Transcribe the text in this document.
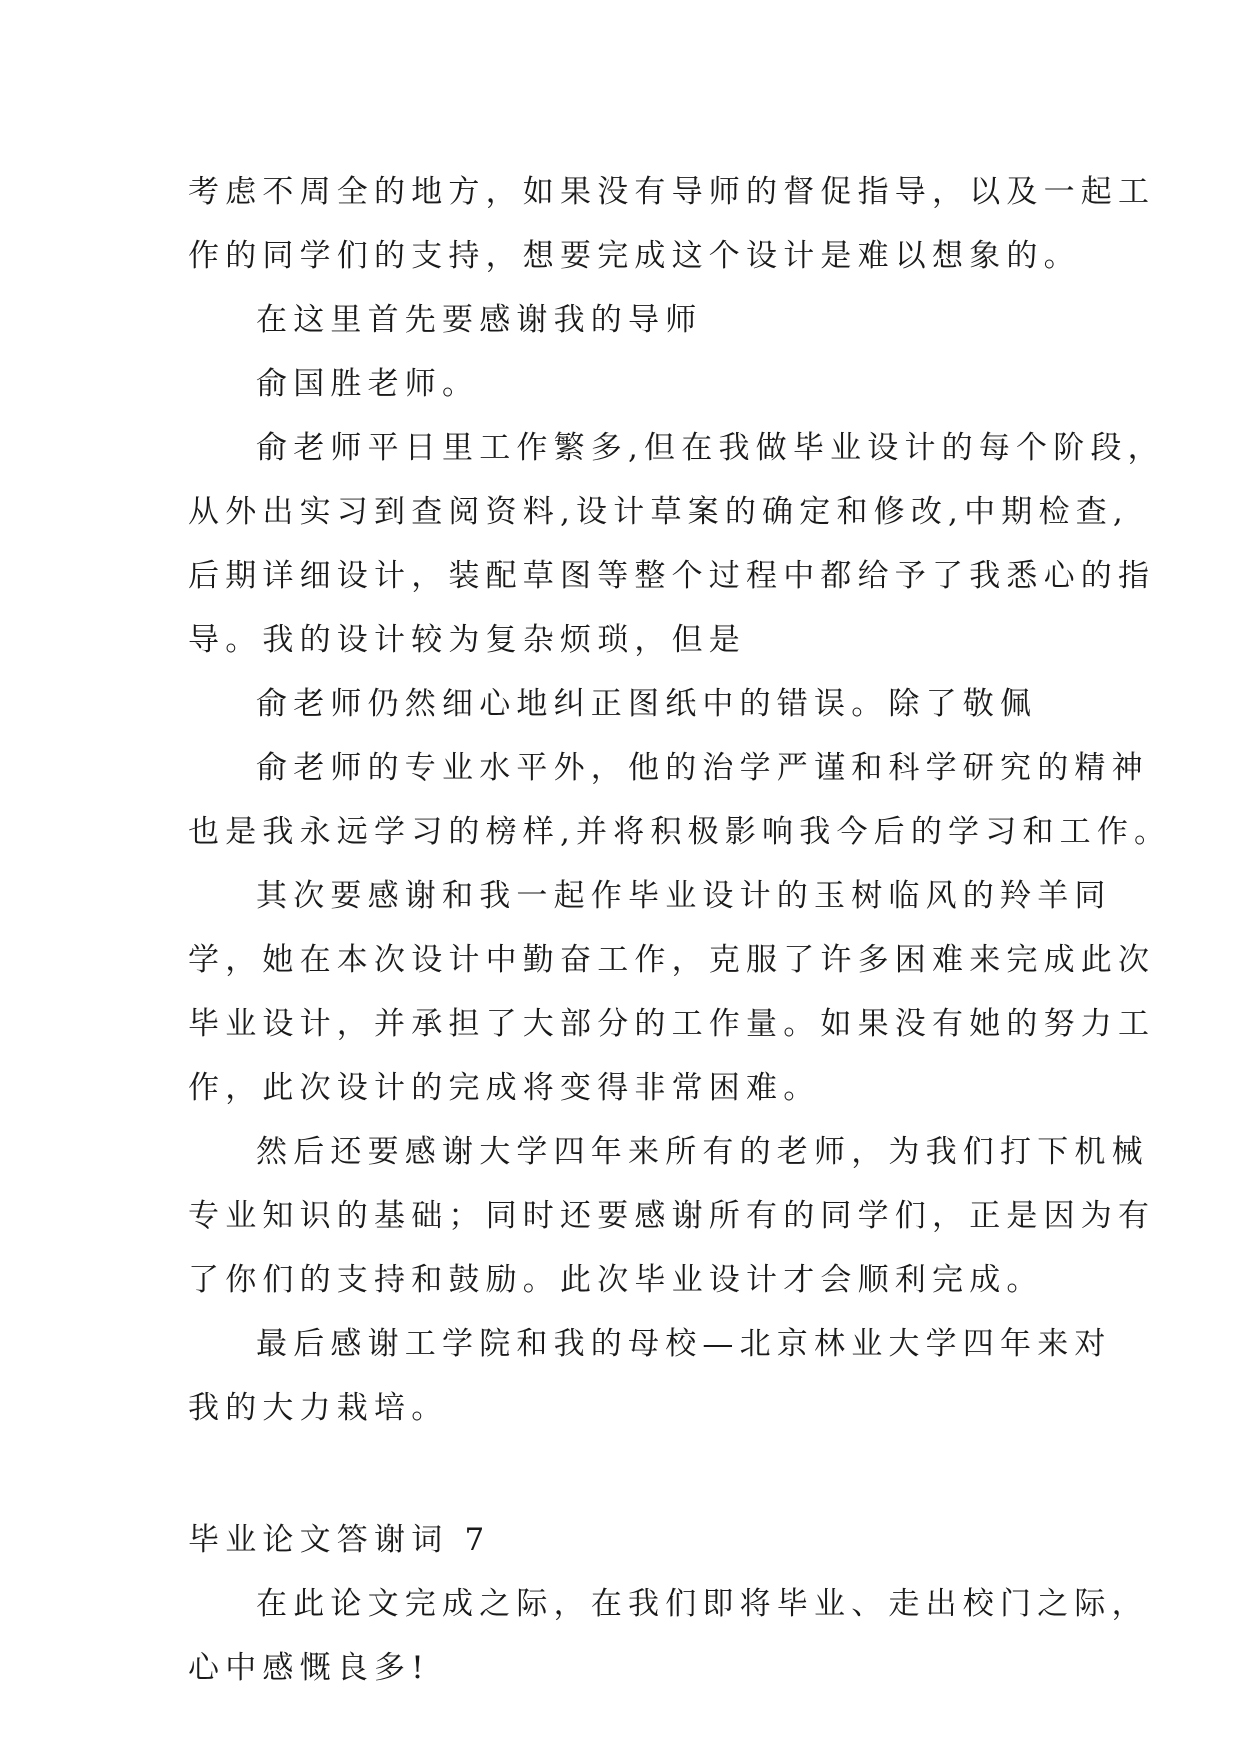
考虑不周全的地方，如果没有导师的督促指导，以及一起工
作的同学们的支持，想要完成这个设计是难以想象的。
在这里首先要感谢我的导师
俞国胜老师。
俞老师平日里工作繁多,但在我做毕业设计的每个阶段，
从外出实习到查阅资料,设计草案的确定和修改,中期检查,
后期详细设计，装配草图等整个过程中都给予了我悉心的指
导。我的设计较为复杂烦琐，但是
俞老师仍然细心地纠正图纸中的错误。除了敬佩
俞老师的专业水平外，他的治学严谨和科学研究的精神
也是我永远学习的榜样,并将积极影响我今后的学习和工作。
其次要感谢和我一起作毕业设计的玉树临风的羚羊同
学，她在本次设计中勤奋工作，克服了许多困难来完成此次
毕业设计，并承担了大部分的工作量。如果没有她的努力工
作，此次设计的完成将变得非常困难。
然后还要感谢大学四年来所有的老师，为我们打下机械
专业知识的基础；同时还要感谢所有的同学们，正是因为有
了你们的支持和鼓励。此次毕业设计才会顺利完成。
最后感谢工学院和我的母校—北京林业大学四年来对
我的大力栽培。
毕业论文答谢词 7
在此论文完成之际，在我们即将毕业、走出校门之际，
心中感慨良多!
